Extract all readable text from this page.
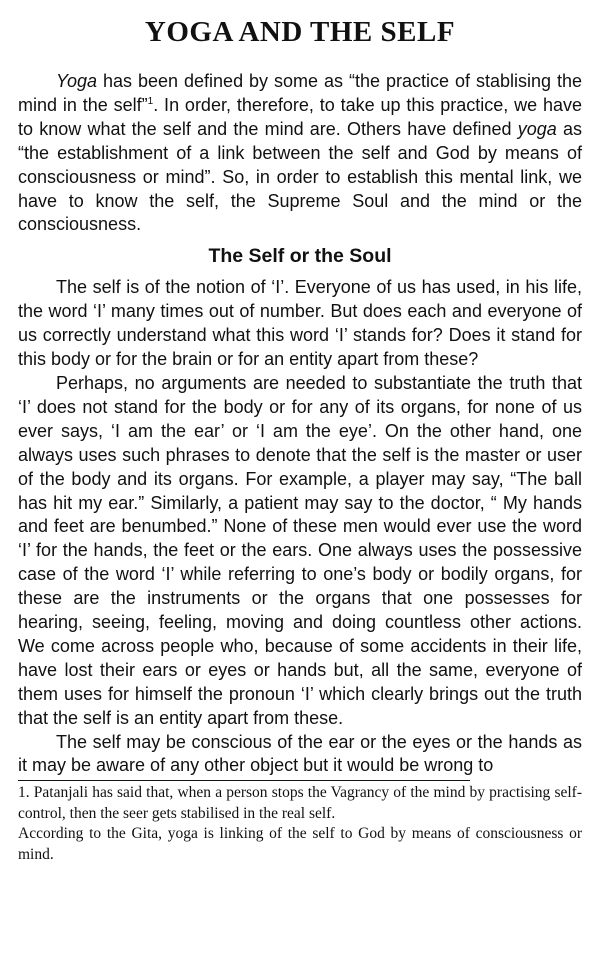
YOGA AND THE SELF

Yoga has been defined by some as “the practice of stablising the mind in the self”$^1$. In order, therefore, to take up this practice, we have to know what the self and the mind are. Others have defined yoga as “the establishment of a link between the self and God by means of consciousness or mind”. So, in order to establish this mental link, we have to know the self, the Supreme Soul and the mind or the consciousness.

The Self or the Soul

The self is of the notion of ‘I’. Everyone of us has used, in his life, the word ‘I’ many times out of number. But does each and everyone of us correctly understand what this word ‘I’ stands for? Does it stand for this body or for the brain or for an entity apart from these?

Perhaps, no arguments are needed to substantiate the truth that ‘I’ does not stand for the body or for any of its organs, for none of us ever says, ‘I am the ear’ or ‘I am the eye’. On the other hand, one always uses such phrases to denote that the self is the master or user of the body and its organs. For example, a player may say, “The ball has hit my ear.” Similarly, a patient may say to the doctor, “ My hands and feet are benumbed.” None of these men would ever use the word ‘I’ for the hands, the feet or the ears. One always uses the possessive case of the word ‘I’ while referring to one’s body or bodily organs, for these are the instruments or the organs that one possesses for hearing, seeing, feeling, moving and doing countless other actions. We come across people who, because of some accidents in their life, have lost their ears or eyes or hands but, all the same, everyone of them uses for himself the pronoun ‘I’ which clearly brings out the truth that the self is an entity apart from these.

The self may be conscious of the ear or the eyes or the hands as it may be aware of any other object but it would be wrong to

1. Patanjali has said that, when a person stops the Vagrancy of the mind by practising self-control, then the seer gets stabilised in the real self.

According to the Gita, yoga is linking of the self to God by means of consciousness or mind.
